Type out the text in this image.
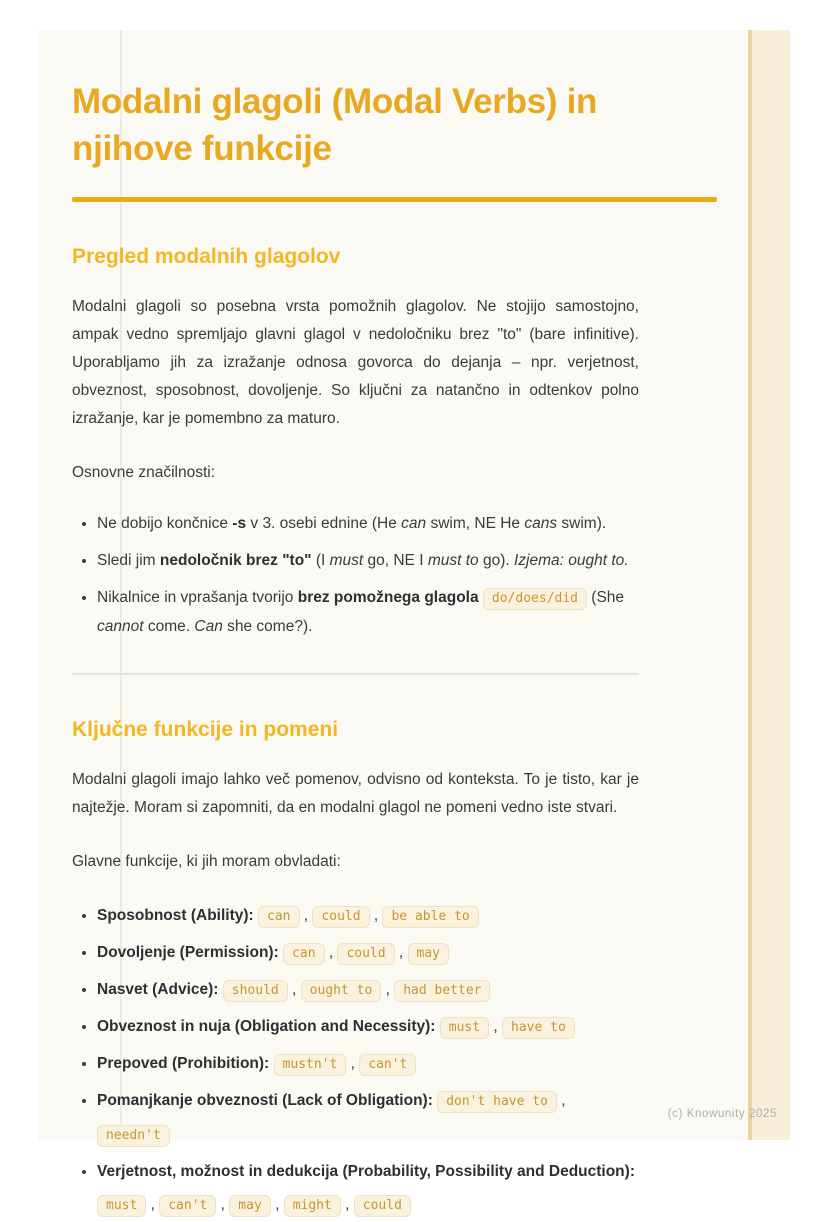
Modalni glagoli (Modal Verbs) in njihove funkcije
Pregled modalnih glagolov

Modalni glagoli so posebna vrsta pomožnih glagolov. Ne stojijo samostojno, ampak vedno spremljajo glavni glagol v nedoločniku brez "to" (bare infinitive). Uporabljamo jih za izražanje odnosa govorca do dejanja – npr. verjetnost, obveznost, sposobnost, dovoljenje. So ključni za natančno in odtenkov polno izražanje, kar je pomembno za maturo.

Osnovne značilnosti:

• Ne dobijo končnice -s v 3. osebi ednine (He can swim, NE He cans swim).
• Sledi jim nedoločnik brez "to" (I must go, NE I must to go). Izjema: ought to.
• Nikalnice in vprašanja tvorijo brez pomožnega glagola do/does/did (She cannot come. Can she come?).
Ključne funkcije in pomeni

Modalni glagoli imajo lahko več pomenov, odvisno od konteksta. To je tisto, kar je najtežje. Moram si zapomniti, da en modalni glagol ne pomeni vedno iste stvari.

Glavne funkcije, ki jih moram obvladati:

• Sposobnost (Ability): can , could , be able to
• Dovoljenje (Permission): can , could , may
• Nasvet (Advice): should , ought to , had better
• Obveznost in nuja (Obligation and Necessity): must , have to
• Prepoved (Prohibition): mustn't , can't
• Pomanjkanje obveznosti (Lack of Obligation): don't have to , needn't
• Verjetnost, možnost in dedukcija (Probability, Possibility and Deduction): must , can't , may , might , could
(c) Knowunity 2025
